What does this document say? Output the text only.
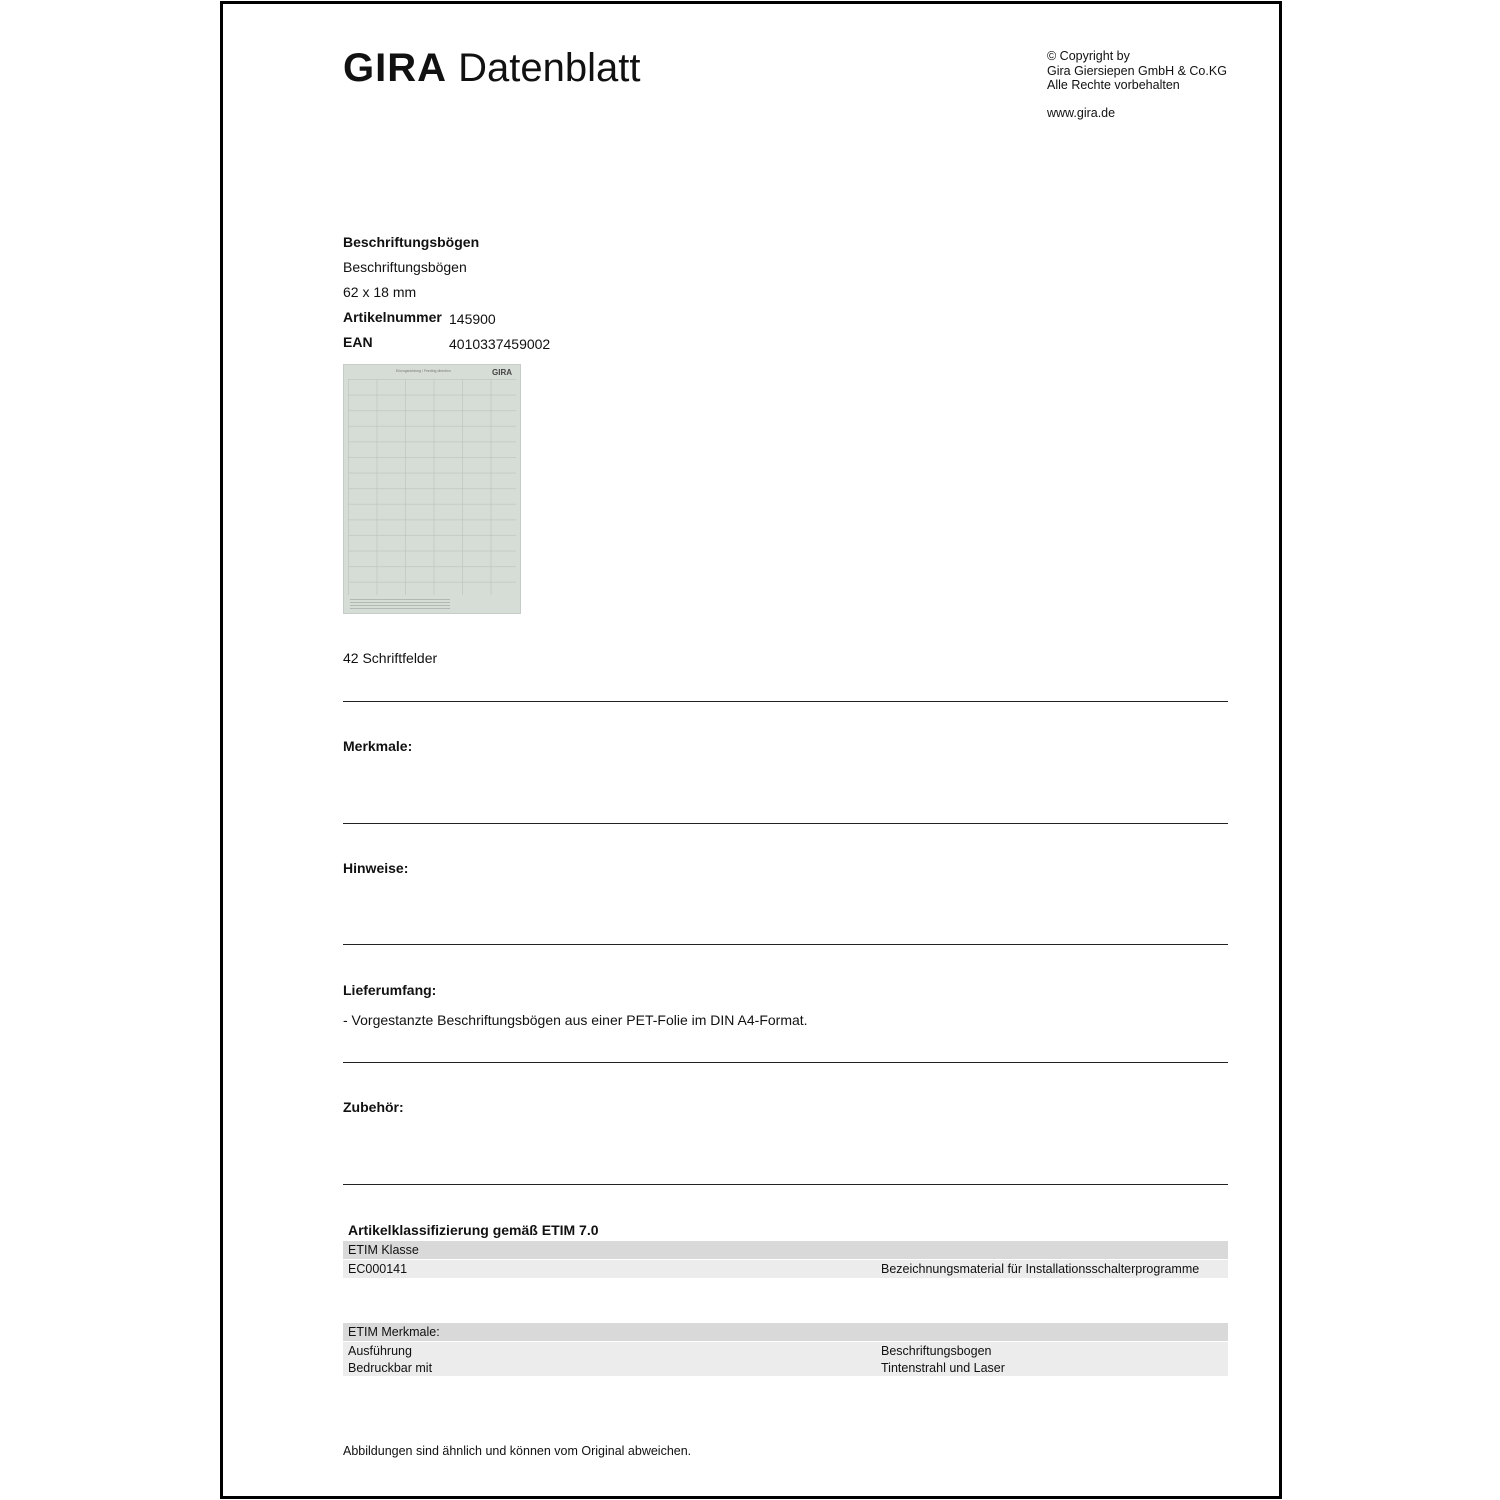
GIRA Datenblatt	© Copyright by
Gira Giersiepen GmbH & Co.KG
Alle Rechte vorbehalten
www.gira.de
Beschriftungsbögen
Beschriftungsbögen
62 x 18 mm
Artikelnummer 145900
EAN	4010337459002
Einzugsrichtung / Feeding direction	GIRA
42 Schriftfelder
Merkmale:
Hinweise:
Lieferumfang:
- Vorgestanzte Beschriftungsbögen aus einer PET-Folie im DIN A4-Format.
Zubehör:
Artikelklassifizierung gemäß ETIM 7.0
ETIM Klasse
EC000141	Bezeichnungsmaterial für Installationsschalterprogramme
ETIM Merkmale:
Ausführung	Beschriftungsbogen
Bedruckbar mit	Tintenstrahl und Laser
Abbildungen sind ähnlich und können vom Original abweichen.
